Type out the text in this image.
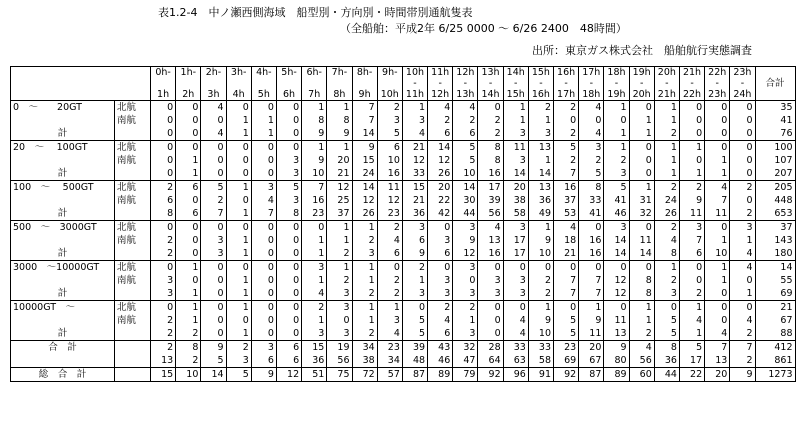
表1.2-4　中ノ瀬西側海域　船型別・方向別・時間帯別通航隻表
（全船舶：平成2年 6/25 0000 ～ 6/26 2400　48時間）
出所：東京ガス株式会社　船舶航行実態調査
		0h-	1h-	2h-	3h-	4h-	5h-	6h-	7h-	8h-	9h-	10h	11h	12h	13h	14h	15h	16h	17h	18h	19h	20h	21h	22h	23h	合計
												-	-	-	-	-	-	-	-	-	-	-	-	-	-	
		1h	2h	3h	4h	5h	6h	7h	8h	9h	10h	11h	12h	13h	14h	15h	16h	17h	18h	19h	20h	21h	22h	23h	24h	
0　～　　20GT	北航	0	0	4	0	0	0	1	1	7	2	1	4	4	0	1	2	2	4	1	0	1	0	0	0	35
	南航	0	0	0	1	1	0	8	8	7	3	3	2	2	2	1	1	0	0	0	1	1	0	0	0	41
計		0	0	4	1	1	0	9	9	14	5	4	6	6	2	3	3	2	4	1	1	2	0	0	0	76
20　～　 100GT	北航	0	0	0	0	0	0	1	1	9	6	21	14	5	8	11	13	5	3	1	0	1	1	0	0	100
	南航	0	1	0	0	0	3	9	20	15	10	12	12	5	8	3	1	2	2	2	0	1	0	1	0	107
計		0	1	0	0	0	3	10	21	24	16	33	26	10	16	14	14	7	5	3	0	1	1	1	0	207
100　～　 500GT	北航	2	6	5	1	3	5	7	12	14	11	15	20	14	17	20	13	16	8	5	1	2	2	4	2	205
	南航	6	0	2	0	4	3	16	25	12	12	21	22	30	39	38	36	37	33	41	31	24	9	7	0	448
計		8	6	7	1	7	8	23	37	26	23	36	42	44	56	58	49	53	41	46	32	26	11	11	2	653
500　～　3000GT	北航	0	0	0	0	0	0	0	1	1	2	3	0	3	4	3	1	4	0	3	0	2	3	0	3	37
	南航	2	0	3	1	0	0	1	1	2	4	6	3	9	13	17	9	18	16	14	11	4	7	1	1	143
計		2	0	3	1	0	0	1	2	3	6	9	6	12	16	17	10	21	16	14	14	8	6	10	4	180
3000　～10000GT	北航	0	1	0	0	0	0	3	1	1	0	2	0	3	0	0	0	0	0	0	0	1	0	1	4	14
	南航	3	0	0	1	0	0	1	2	1	2	1	3	0	3	3	2	7	7	12	8	2	0	1	0	55
計		3	1	0	1	0	0	4	3	2	2	3	3	3	3	3	2	7	7	12	8	3	2	0	1	69
10000GT　～	北航	0	1	0	1	0	0	2	3	1	1	0	2	2	0	0	1	0	1	0	1	0	1	0	0	21
	南航	2	1	0	0	0	0	1	0	1	3	5	4	1	0	4	9	5	9	11	1	5	4	0	4	67
計		2	2	0	1	0	0	3	3	2	4	5	6	3	0	4	10	5	11	13	2	5	1	4	2	88
合　計		2	8	9	2	3	6	15	19	34	23	39	43	32	28	33	33	23	20	9	4	8	5	7	7	412
		13	2	5	3	6	6	36	56	38	34	48	46	47	64	63	58	69	67	80	56	36	17	13	2	861
総　合　計		15	10	14	5	9	12	51	75	72	57	87	89	79	92	96	91	92	87	89	60	44	22	20	9	1273
